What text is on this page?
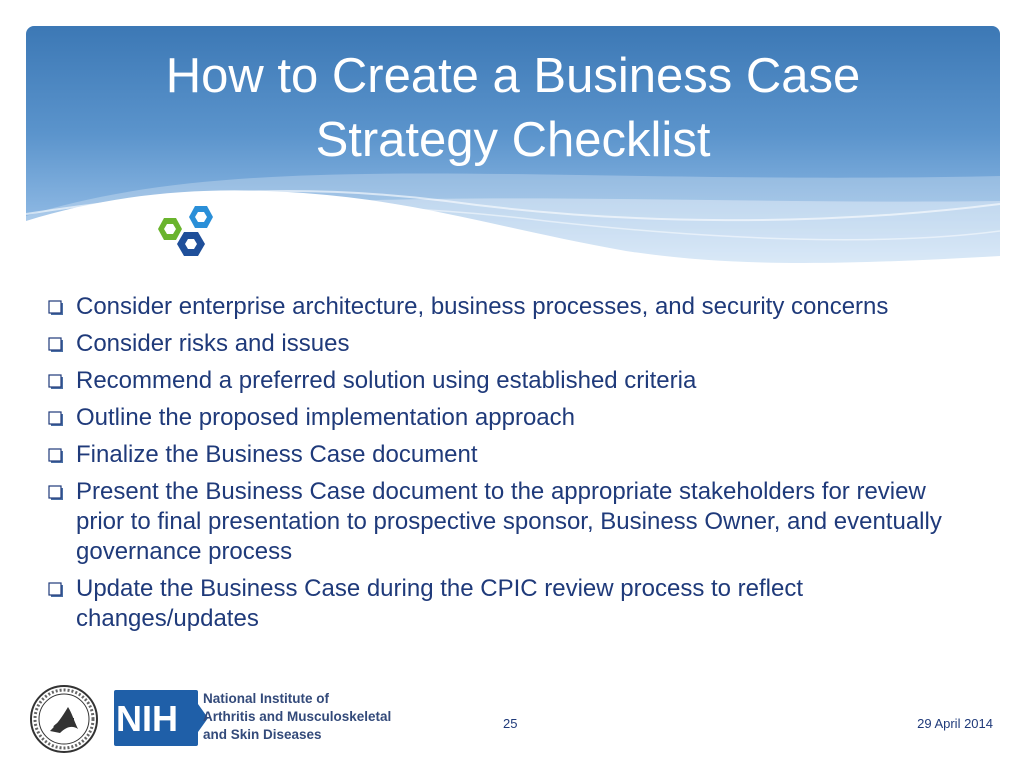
How to Create a Business Case
Strategy Checklist
Consider enterprise architecture, business processes, and security concerns
Consider risks and issues
Recommend a preferred solution using established criteria
Outline the proposed implementation approach
Finalize the Business Case document
Present the Business Case document to the appropriate stakeholders for review prior to final presentation to prospective sponsor, Business Owner, and eventually governance process
Update the Business Case during the CPIC review process to reflect changes/updates
NIH National Institute of
Arthritis and Musculoskeletal
and Skin Diseases
25	29 April 2014
